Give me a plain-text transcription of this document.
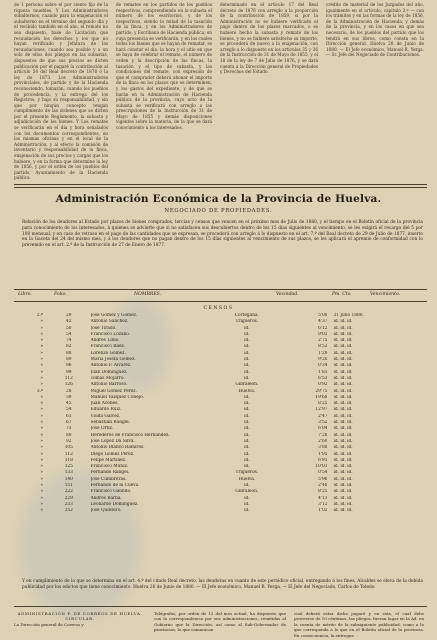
de 1 persona sobre el por ciento fijo de la riqueza muebles. Y Los Administradores subalternos, cuando para la enajenación el subalterno en el término del segundo día y el recibido también en el año, el remate no sea dispuesto, base de Licitación que recaudación los derechos y los que no hayan verificado y Jefatura de las recaudaciones, cuando sea posible y a un solo de ellos dos pliegos en las subastas, dispuestos de que sus precios se dicten publicación por el pagaré la contribución al artículo 54 del Real decreto de 1876 ó la ley de 1873. Los Administradores provinciales, de partido y de la Hacienda reconociendo, tomarán, cuando los pueblos de procedencia, y la entrega del los Registros, y bajo su responsabilidad, y sin que por ningún concepto tengan cumplimiento de las órdenes que se dicten por el presente Reglamento, la subasta y adjudicación de los bienes. Y Los remates se verificarán en el día y hora señalados con los documentos correspondientes, en las mismas oficinas y en el local de la Administración, y al efecto la comisión de inventario y responsabilidad de la finca, enajenación de sus precios y cargas que los hubiere, y en la forma que determine la ley de 1856, y por el orden de los pueblos del partido, Ayuntamiento de la Hacienda pública.

de remates en los partidos de los pueblos respectivos, comprendiendo en la subasta el número de los escritorios, y de los respectivos, siendo la mitad de la tasación de la finca, y en los Administradores de partido, y Escribano de Hacienda pública, en cuya presencia se verificarán, y en los cuales todos los bienes que se hayan de rematar, se hará constar el día, la hora y el sitio en que se haya de celebrar el remate, el número de orden y la descripción de las fincas, la tasación y el tipo de subasta, y las condiciones del remate, con expresión de que el comprador deberá abonar el importe de la finca en los plazos que se determinen, y los gastos del expediente, y de que se harán en la Administración de Hacienda pública de la provincia, cuyo acto de la subasta se verificará con arreglo a las prescripciones de la Instrucción de 31 de Mayo de 1855 y demás disposiciones vigentes sobre la materia, de la que se dará conocimiento a los interesados.

determinado en el artículo 17 del Real decreto de 1876 con arreglo a la proporción de la contribución de 1859, si por la Administración no se hubiere verificado el pago dentro de los plazos marcados, o se hubiere hecho la subasta y remate de los bienes, y no se hubiere satisfecho su importe, se procederá de nuevo a la enajenación, con arreglo a lo dispuesto en los artículos 35 y 36 de la Instrucción de 31 de Mayo de 1855, y el 18 de la ley de 7 de Julio de 1876, y se dará cuenta a la Dirección general de Propiedades y Derechos del Estado.

crédito de material de los Juzgados del año, igualmente en el artículo, capitulo 3.º — con los trámites y en las formas de la ley de 1856, de la Administración de Hacienda, y demás de la provincia, y en los casos en que sea necesario, de los pueblos del partido que los tendrá en sus libros, como consta en la Dirección general. Huelva 28 de Junio de 1880. — El Jefe económico, Manuel R. Yerga. — Sr. Jefe del Negociado de Contribuciones.

Administración Económica de la Provincia de Huelva.
NEGOCIADO DE PROPIEDADES.
Relación de los deudores al Estado por plazos de bienes comprados, tercias y censos que vencen en el próximo mes de Julio de 1880, y el tiempo en el Boletín oficial de la provincia para conocimiento de los interesados, á quienes se advierte que si no satisfacen sus descubiertos dentro de los 15 días siguientes al vencimiento, se les exigirá el recargo del 5 por 100 mensual, y en caso de retraso en el pago de las cantidades que se expresan, se procederá con arreglo á lo dispuesto en el art. 7.º del Real decreto de 29 de Julio de 1877, inserto en la Gaceta del 24 del mismo mes, y á los deudores que no pagan dentro de los 15 días siguientes al vencimiento de sus plazos, se les aplicará el apremio de conformidad con lo prevenido en el art. 2.º de la Instrucción de 27 de Enero de 1877.
Libro.	Folio.	NOMBRES.	Vecindad.	Pts. Cts.	Vencimiento.
CENSOS
2.º	29	José Gómez y Gómez.	Cortegana.	5'00	31 Julio 1880.
»	42	Antonio Sánchez.	Trigueros.	4'37	id. id. id.
»	50	José Tirado.	id.	6'12	id. id. id.
»	54	Francisco Lozano.	id.	9'02	id. id. id.
»	74	Andrés Limo.	id.	2'75	id. id. id.
»	82	Francisco Baez.	id.	8'52	id. id. id.
»	88	Lorenzo Gómez.	id.	1'28	id. id. id.
»	89	María Josefa Gómez.	id.	9'20	id. id. id.
»	96	Antonio F. Álvarez.	id.	0'34	id. id. id.
»	99	Juan Domínguez.	id.	1'81	id. id. id.
»	112	Tomás Mojarro.	id.	6'53	id. id. id.
»	126	Antonio Barroso.	Gibraleón.	0'92	id. id. id.
3.º	28	Miguel Gómez Pérez.	Huelva.	29'75	id. id. id.
»	39	Manuel Vázquez Conejo.	id.	19'68	id. id. id.
»	45	Juan Acebes.	id.	8'25	id. id. id.
»	54	Eduardo Ruiz.	id.	12'97	id. id. id.
»	61	Viuda Gálvez.	id.	2'47	id. id. id.
»	67	Sebastián Rangel.	id.	3'52	id. id. id.
»	73	José Ortiz.	id.	6'04	id. id. id.
»	80	Herederos de Francisco Hernández.	id.	7'28	id. id. id.
»	92	José López Da Silva.	id.	2'60	id. id. id.
»	105	Antonio Blanco Ramírez.	id.	3'88	id. id. id.
»	112	Diego Gómez Pérez.	id.	1'95	id. id. id.
»	118	Felipe Martínez.	id.	6'91	id. id. id.
»	125	Francisco Muñiz.	id.	10'03	id. id. id.
»	133	Fernando Rangel.	Trigueros.	0'54	id. id. id.
»	140	José Cumbreras.	Huelva.	5'96	id. id. id.
»	151	Fernando de la Cueva.	id.	2'40	id. id. id.
»	222	Francisco Galindo.	Gibraleón.	8'25	id. id. id.
»	229	Andrés Barba.	id.	4'13	id. id. id.
»	233	Leonardo Domínguez.	id.	3'12	id. id. id.
»	252	José Quintero.	id.	1'02	id. id. id.
Y en cumplimiento de lo que se determina en el art. 4.º del citado Real decreto, las deudoras en cuanto de este periódico oficial, entregando á los fines, Alcaldes se eleva de la debida publicidad por los edictos que tiene conocimiento. Huelva 26 de Junio de 1880. — El Jefe económico, Manuel R. Yerga. — El Jefe del Negociado, Carlos de Toledo.
ADMINISTRACIÓN P. DE CORREOS DE HUELVA.
CIRCULAR.
La Dirección general de Correos y
Telégrafos, por orden de 12 del mes actual, ha dispuesto que con la correspondencia por sus administraciones, remitidas al Gobierno que la Dirección, así como al Sub-Gobernador de provincias, lo que comunican
cual deberá estar dicho pagaré y en esta, el cual debe proveerse de 10 céntimos, las pliegos, fueran lugar en la Ad. en la cuenta de mérito de la subsiguiente publicidad, como a lo que corresponda a lo que en el Boletín oficial de la provincia. En consecuencia, la entregue
